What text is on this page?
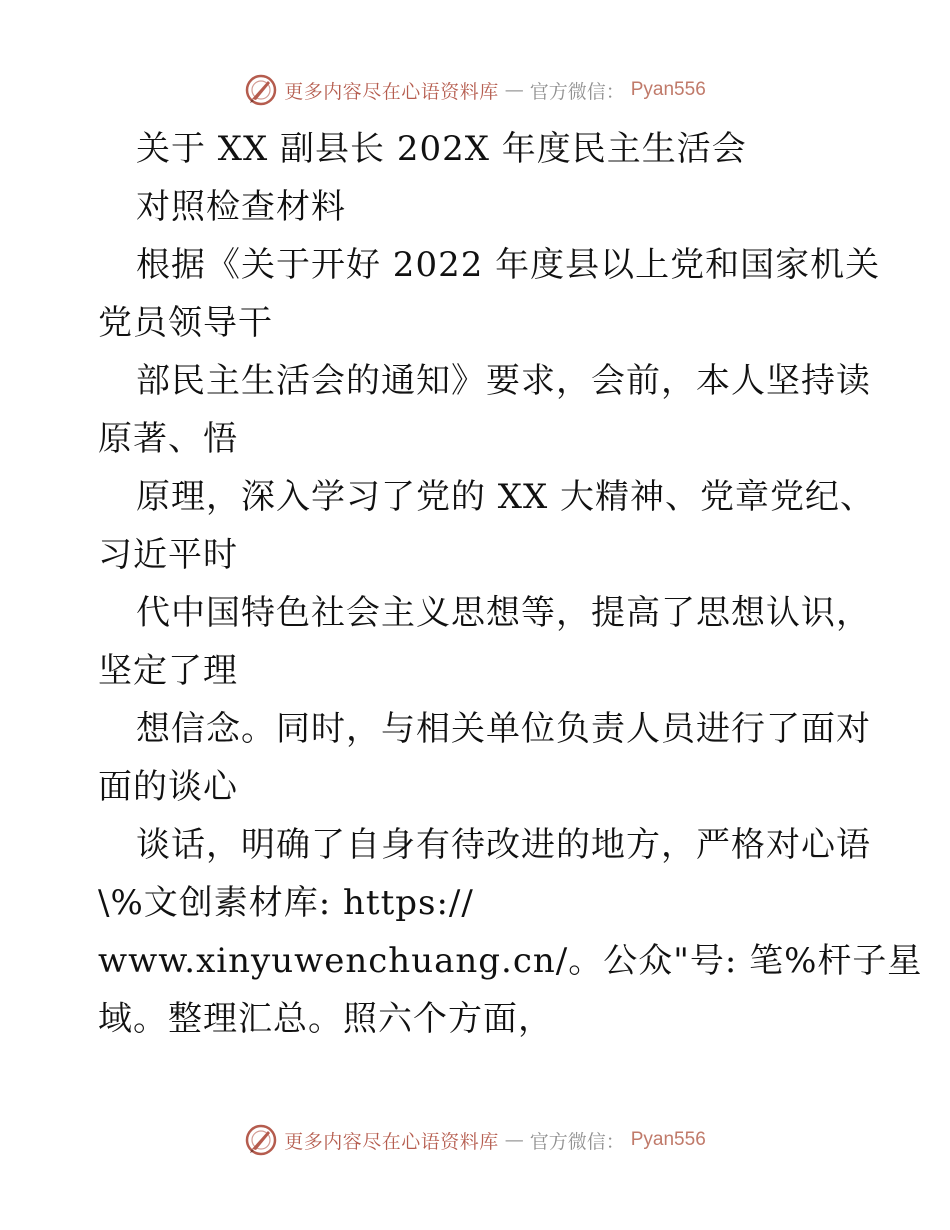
更多内容尽在心语资料库 — 官方微信： Pyan556
关于 XX 副县长 202X 年度民主生活会
对照检查材料
根据《关于开好 2022 年度县以上党和国家机关
党员领导干
部民主生活会的通知》要求，会前，本人坚持读
原著、悟
原理，深入学习了党的 XX 大精神、党章党纪、
习近平时
代中国特色社会主义思想等，提高了思想认识，
坚定了理
想信念。同时，与相关单位负责人员进行了面对
面的谈心
谈话，明确了自身有待改进的地方，严格对心语
\%文创素材库: https://
www.xinyuwenchuang.cn/。公众"号: 笔%杆子星
域。整理汇总。照六个方面，
更多内容尽在心语资料库 — 官方微信： Pyan556
